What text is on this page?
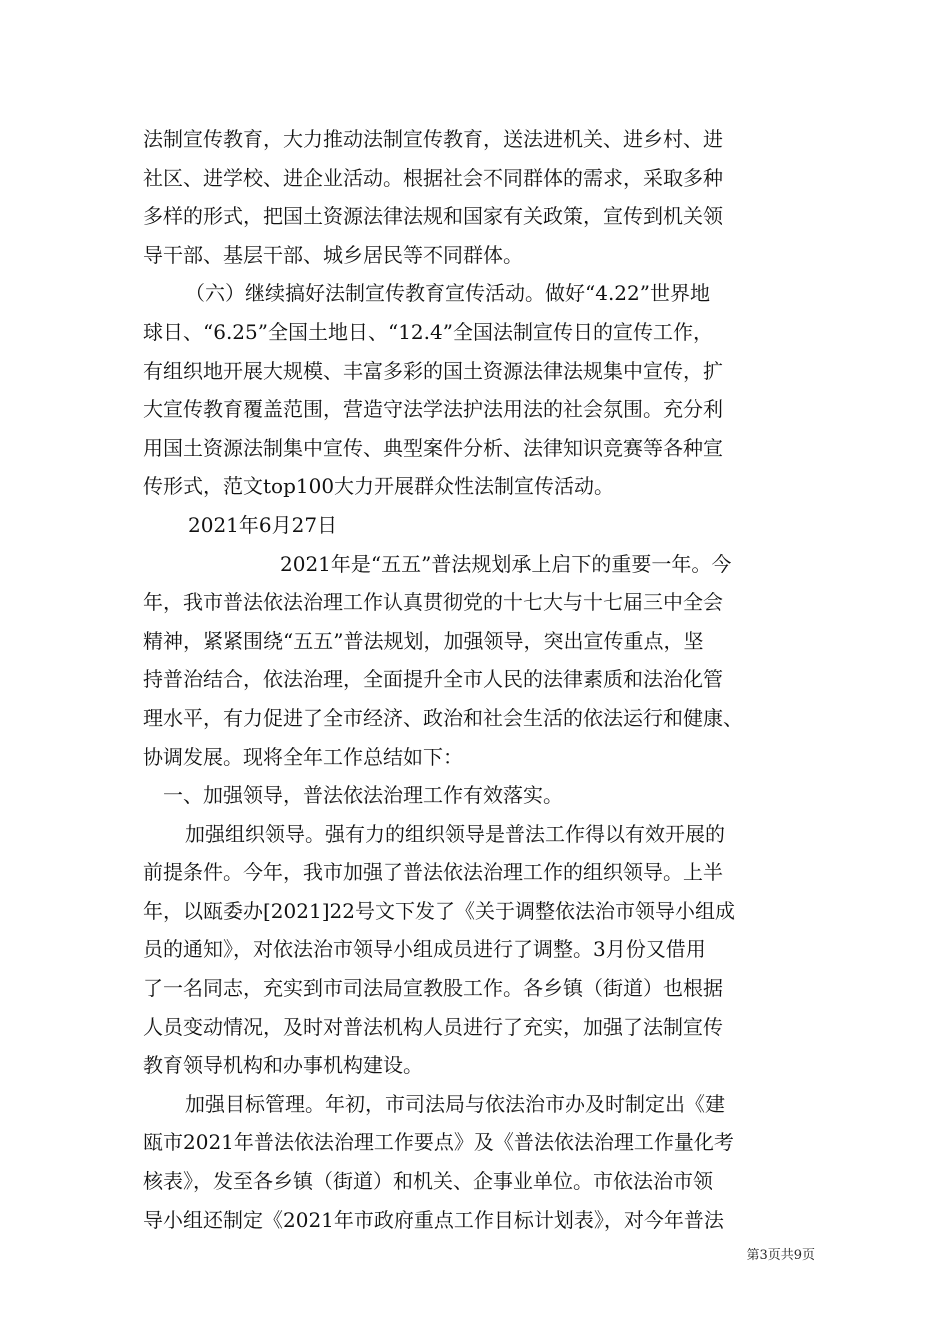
法制宣传教育，大力推动法制宣传教育，送法进机关、进乡村、进
社区、进学校、进企业活动。根据社会不同群体的需求，采取多种
多样的形式，把国土资源法律法规和国家有关政策，宣传到机关领
导干部、基层干部、城乡居民等不同群体。
（六）继续搞好法制宣传教育宣传活动。做好“4.22”世界地
球日、“6.25”全国土地日、“12.4”全国法制宣传日的宣传工作，
有组织地开展大规模、丰富多彩的国土资源法律法规集中宣传，扩
大宣传教育覆盖范围，营造守法学法护法用法的社会氛围。充分利
用国土资源法制集中宣传、典型案件分析、法律知识竞赛等各种宣
传形式，范文top100大力开展群众性法制宣传活动。
2021年6月27日
2021年是“五五”普法规划承上启下的重要一年。今
年，我市普法依法治理工作认真贯彻党的十七大与十七届三中全会
精神，紧紧围绕“五五”普法规划，加强领导，突出宣传重点，坚
持普治结合，依法治理，全面提升全市人民的法律素质和法治化管
理水平，有力促进了全市经济、政治和社会生活的依法运行和健康、
协调发展。现将全年工作总结如下：
一、加强领导，普法依法治理工作有效落实。
加强组织领导。强有力的组织领导是普法工作得以有效开展的
前提条件。今年，我市加强了普法依法治理工作的组织领导。上半
年，以瓯委办[2021]22号文下发了《关于调整依法治市领导小组成
员的通知》，对依法治市领导小组成员进行了调整。3月份又借用
了一名同志，充实到市司法局宣教股工作。各乡镇（街道）也根据
人员变动情况，及时对普法机构人员进行了充实，加强了法制宣传
教育领导机构和办事机构建设。
加强目标管理。年初，市司法局与依法治市办及时制定出《建
瓯市2021年普法依法治理工作要点》及《普法依法治理工作量化考
核表》，发至各乡镇（街道）和机关、企事业单位。市依法治市领
导小组还制定《2021年市政府重点工作目标计划表》，对今年普法
第3页共9页
